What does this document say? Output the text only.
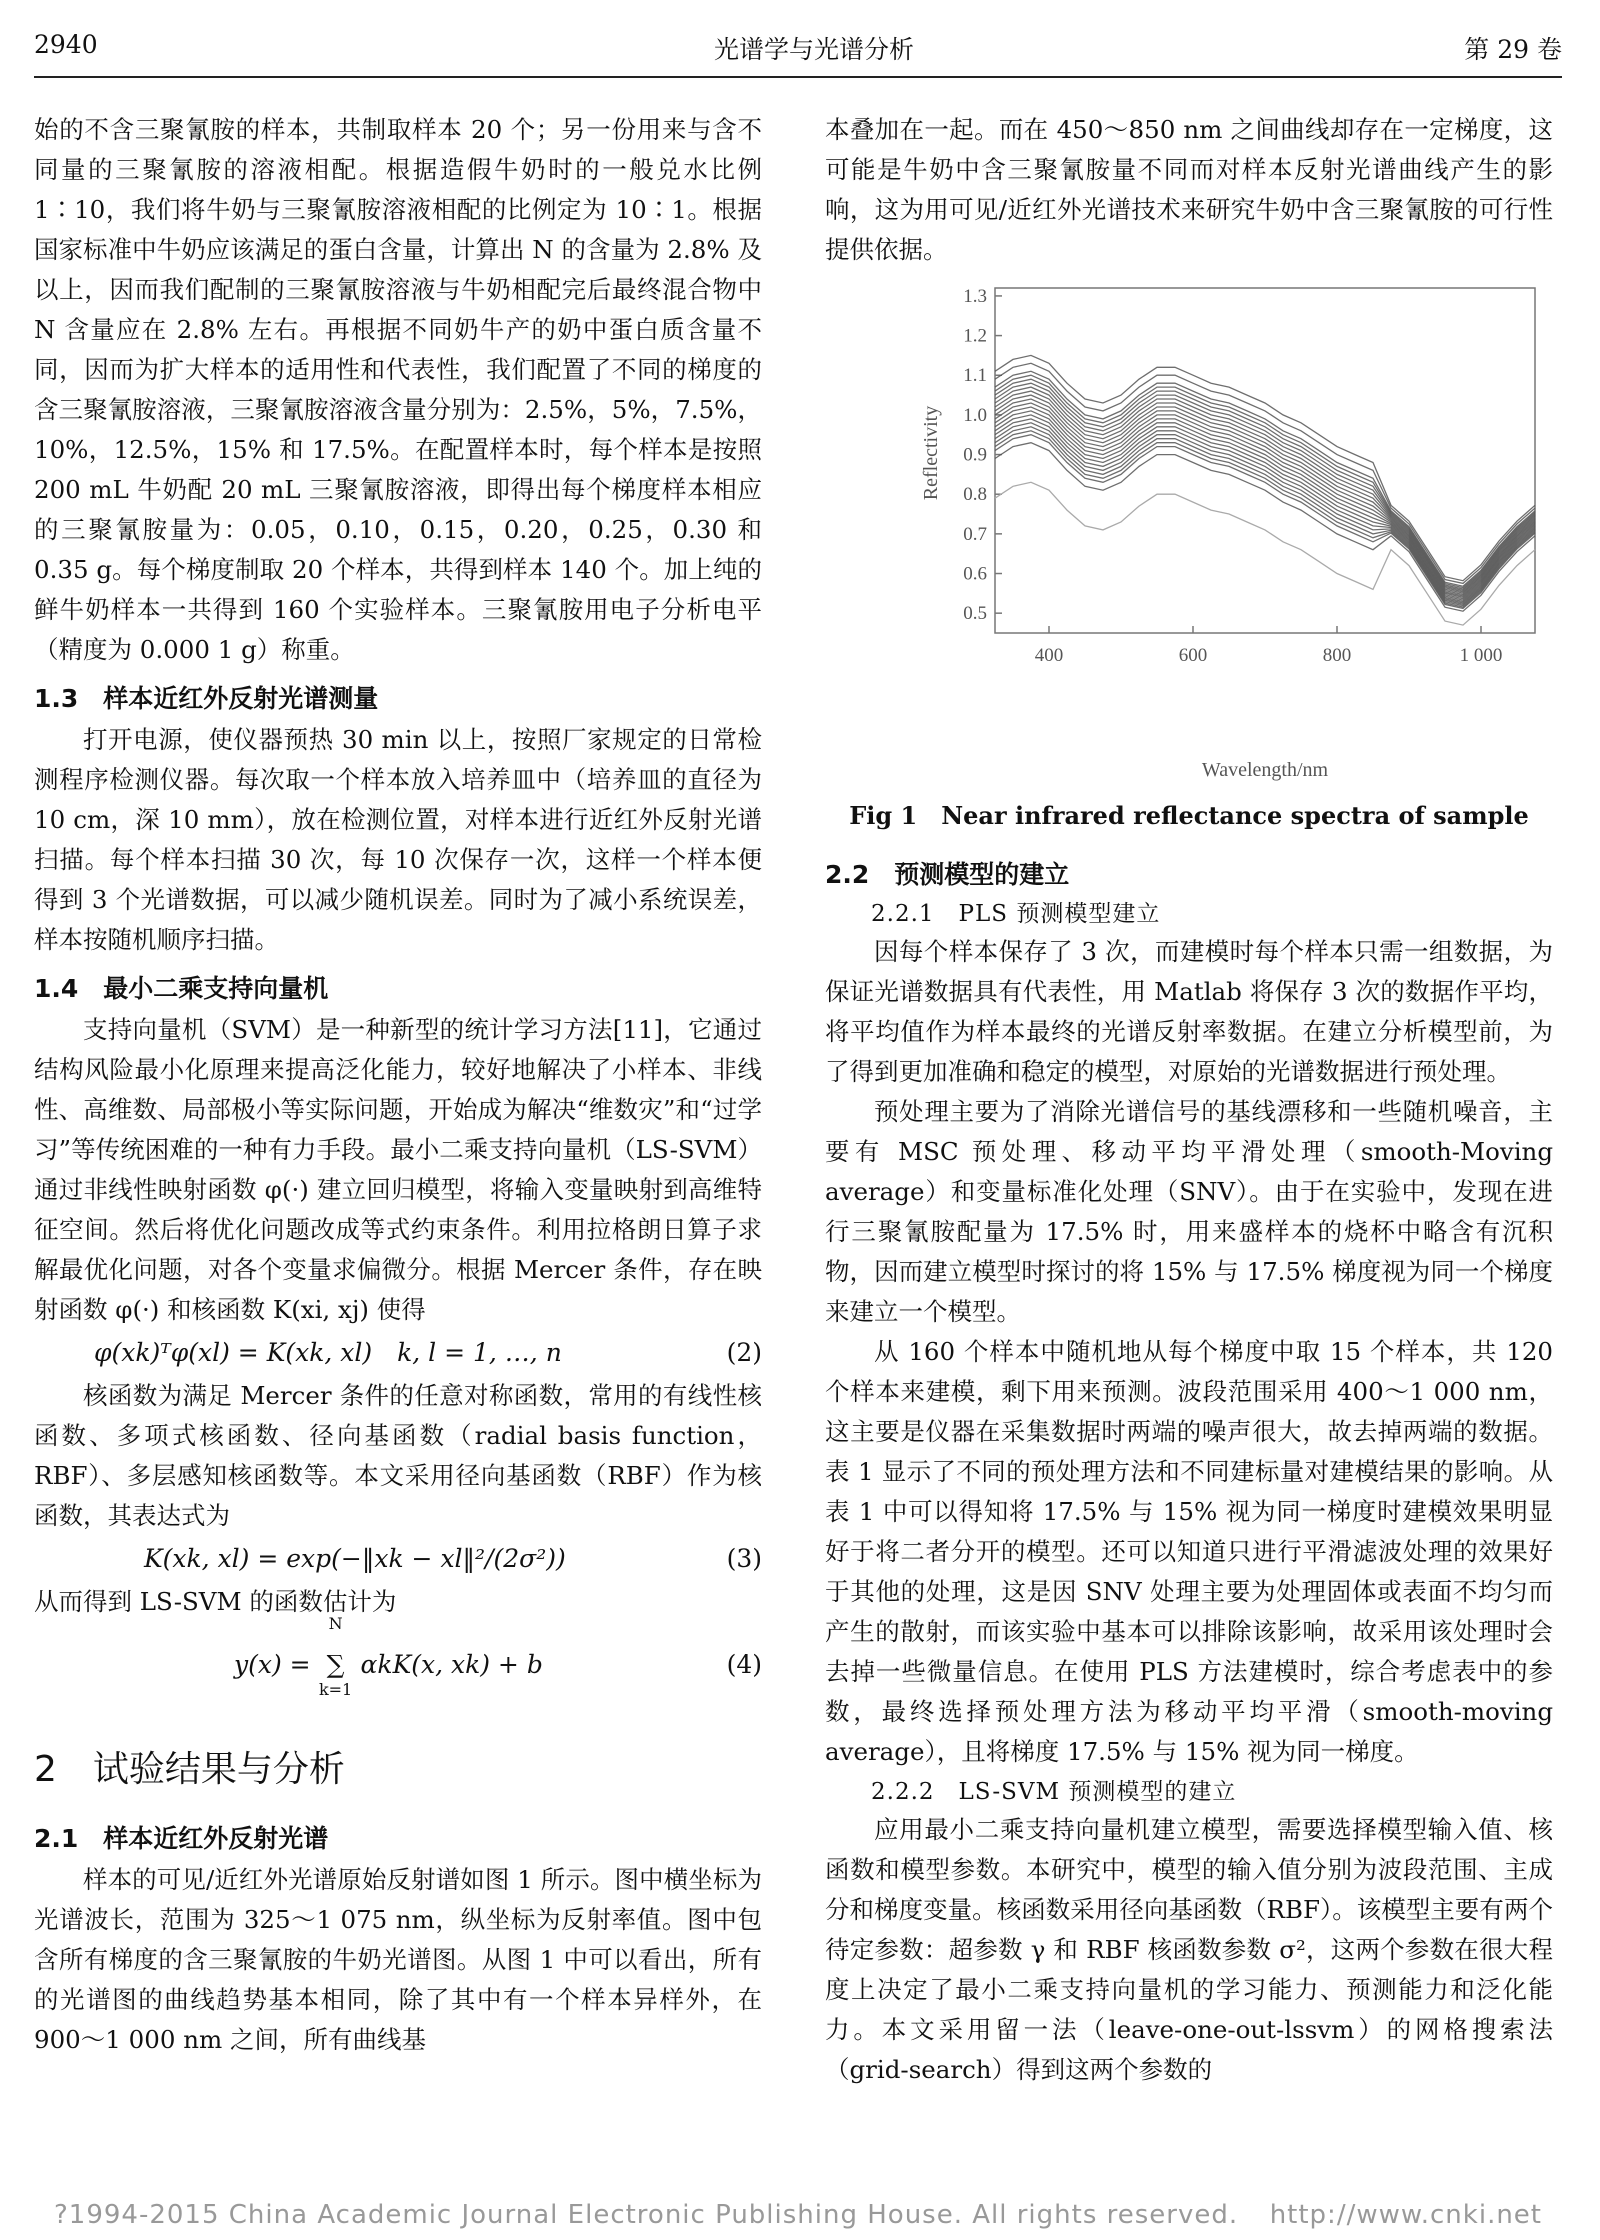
2940	光谱学与光谱分析	第 29 卷

始的不含三聚氰胺的样本，共制取样本 20 个；另一份用来与含不同量的三聚氰胺的溶液相配。根据造假牛奶时的一般兑水比例 1∶10，我们将牛奶与三聚氰胺溶液相配的比例定为 10∶1。根据国家标准中牛奶应该满足的蛋白含量，计算出 N 的含量为 2.8% 及以上，因而我们配制的三聚氰胺溶液与牛奶相配完后最终混合物中 N 含量应在 2.8% 左右。再根据不同奶牛产的奶中蛋白质含量不同，因而为扩大样本的适用性和代表性，我们配置了不同的梯度的含三聚氰胺溶液，三聚氰胺溶液含量分别为：2.5%，5%，7.5%，10%，12.5%，15% 和 17.5%。在配置样本时，每个样本是按照 200 mL 牛奶配 20 mL 三聚氰胺溶液，即得出每个梯度样本相应的三聚氰胺量为：0.05，0.10，0.15，0.20，0.25，0.30 和 0.35 g。每个梯度制取 20 个样本，共得到样本 140 个。加上纯的鲜牛奶样本一共得到 160 个实验样本。三聚氰胺用电子分析电平（精度为 0.000 1 g）称重。

1.3　样本近红外反射光谱测量

打开电源，使仪器预热 30 min 以上，按照厂家规定的日常检测程序检测仪器。每次取一个样本放入培养皿中（培养皿的直径为 10 cm，深 10 mm），放在检测位置，对样本进行近红外反射光谱扫描。每个样本扫描 30 次，每 10 次保存一次，这样一个样本便得到 3 个光谱数据，可以减少随机误差。同时为了减小系统误差，样本按随机顺序扫描。

1.4　最小二乘支持向量机

支持向量机（SVM）是一种新型的统计学习方法[11]，它通过结构风险最小化原理来提高泛化能力，较好地解决了小样本、非线性、高维数、局部极小等实际问题，开始成为解决“维数灾”和“过学习”等传统困难的一种有力手段。最小二乘支持向量机（LS-SVM）通过非线性映射函数 φ(·) 建立回归模型，将输入变量映射到高维特征空间。然后将优化问题改成等式约束条件。利用拉格朗日算子求解最优化问题，对各个变量求偏微分。根据 Mercer 条件，存在映射函数 φ(·) 和核函数 K(xi, xj) 使得

φ(xk)ᵀφ(xl) = K(xk, xl)　k, l = 1, …, n	(2)

核函数为满足 Mercer 条件的任意对称函数，常用的有线性核函数、多项式核函数、径向基函数（radial basis function，RBF）、多层感知核函数等。本文采用径向基函数（RBF）作为核函数，其表达式为

K(xk, xl) = exp(−‖xk − xl‖²/(2σ²))	(3)

从而得到 LS-SVM 的函数估计为

y(x) =
N
∑
k=1
αkK(x, xk) + b	(4)
2　试验结果与分析
2.1　样本近红外反射光谱

样本的可见/近红外光谱原始反射谱如图 1 所示。图中横坐标为光谱波长，范围为 325～1 075 nm，纵坐标为反射率值。图中包含所有梯度的含三聚氰胺的牛奶光谱图。从图 1 中可以看出，所有的光谱图的曲线趋势基本相同，除了其中有一个样本异样外，在 900～1 000 nm 之间，所有曲线基

本叠加在一起。而在 450～850 nm 之间曲线却存在一定梯度，这可能是牛奶中含三聚氰胺量不同而对样本反射光谱曲线产生的影响，这为用可见/近红外光谱技术来研究牛奶中含三聚氰胺的可行性提供依据。

400	600	800	1 000
0.5
0.6
0.7
0.8
0.9
1.0
1.1
1.2
1.3
Wavelength/nm
Reflectivity
Fig 1　Near infrared reflectance spectra of sample
2.2　预测模型的建立
2.2.1　PLS 预测模型建立

因每个样本保存了 3 次，而建模时每个样本只需一组数据，为保证光谱数据具有代表性，用 Matlab 将保存 3 次的数据作平均，将平均值作为样本最终的光谱反射率数据。在建立分析模型前，为了得到更加准确和稳定的模型，对原始的光谱数据进行预处理。

预处理主要为了消除光谱信号的基线漂移和一些随机噪音，主要有 MSC 预处理、移动平均平滑处理（smooth-Moving average）和变量标准化处理（SNV）。由于在实验中，发现在进行三聚氰胺配量为 17.5% 时，用来盛样本的烧杯中略含有沉积物，因而建立模型时探讨的将 15% 与 17.5% 梯度视为同一个梯度来建立一个模型。

从 160 个样本中随机地从每个梯度中取 15 个样本，共 120 个样本来建模，剩下用来预测。波段范围采用 400～1 000 nm，这主要是仪器在采集数据时两端的噪声很大，故去掉两端的数据。表 1 显示了不同的预处理方法和不同建标量对建模结果的影响。从表 1 中可以得知将 17.5% 与 15% 视为同一梯度时建模效果明显好于将二者分开的模型。还可以知道只进行平滑滤波处理的效果好于其他的处理，这是因 SNV 处理主要为处理固体或表面不均匀而产生的散射，而该实验中基本可以排除该影响，故采用该处理时会去掉一些微量信息。在使用 PLS 方法建模时，综合考虑表中的参数，最终选择预处理方法为移动平均平滑（smooth-moving average），且将梯度 17.5% 与 15% 视为同一梯度。

2.2.2　LS-SVM 预测模型的建立

应用最小二乘支持向量机建立模型，需要选择模型输入值、核函数和模型参数。本研究中，模型的输入值分别为波段范围、主成分和梯度变量。核函数采用径向基函数（RBF）。该模型主要有两个待定参数：超参数 γ 和 RBF 核函数参数 σ²，这两个参数在很大程度上决定了最小二乘支持向量机的学习能力、预测能力和泛化能力。本文采用留一法（leave-one-out-lssvm）的网格搜索法（grid-search）得到这两个参数的

?1994-2015 China Academic Journal Electronic Publishing House. All rights reserved. http://www.cnki.net
